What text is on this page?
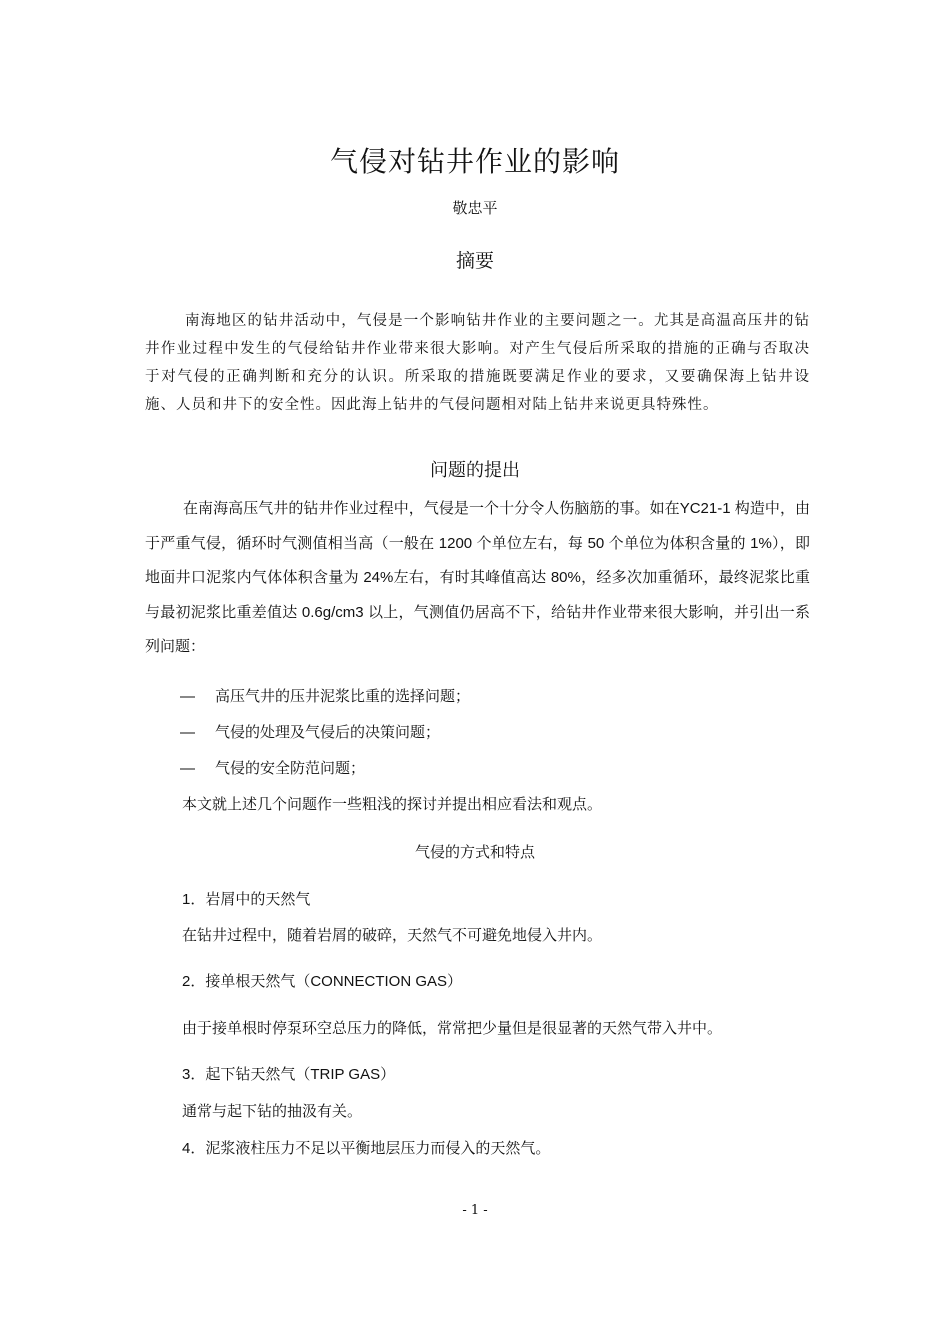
气侵对钻井作业的影响
敬忠平
摘要
南海地区的钻井活动中，气侵是一个影响钻井作业的主要问题之一。尤其是高温高压井的钻井作业过程中发生的气侵给钻井作业带来很大影响。对产生气侵后所采取的措施的正确与否取决于对气侵的正确判断和充分的认识。所采取的措施既要满足作业的要求，又要确保海上钻井设施、人员和井下的安全性。因此海上钻井的气侵问题相对陆上钻井来说更具特殊性。
问题的提出
在南海高压气井的钻井作业过程中，气侵是一个十分令人伤脑筋的事。如在YC21-1 构造中，由于严重气侵，循环时气测值相当高（一般在 1200 个单位左右，每 50 个单位为体积含量的 1%），即地面井口泥浆内气体体积含量为 24%左右，有时其峰值高达 80%，经多次加重循环，最终泥浆比重与最初泥浆比重差值达 0.6g/cm3 以上，气测值仍居高不下，给钻井作业带来很大影响，并引出一系列问题：
— 高压气井的压井泥浆比重的选择问题；
— 气侵的处理及气侵后的决策问题；
— 气侵的安全防范问题；
本文就上述几个问题作一些粗浅的探讨并提出相应看法和观点。
气侵的方式和特点
1．岩屑中的天然气
在钻井过程中，随着岩屑的破碎，天然气不可避免地侵入井内。
2．接单根天然气（CONNECTION GAS）
由于接单根时停泵环空总压力的降低，常常把少量但是很显著的天然气带入井中。
3．起下钻天然气（TRIP GAS）
通常与起下钻的抽汲有关。
4．泥浆液柱压力不足以平衡地层压力而侵入的天然气。
- 1 -
